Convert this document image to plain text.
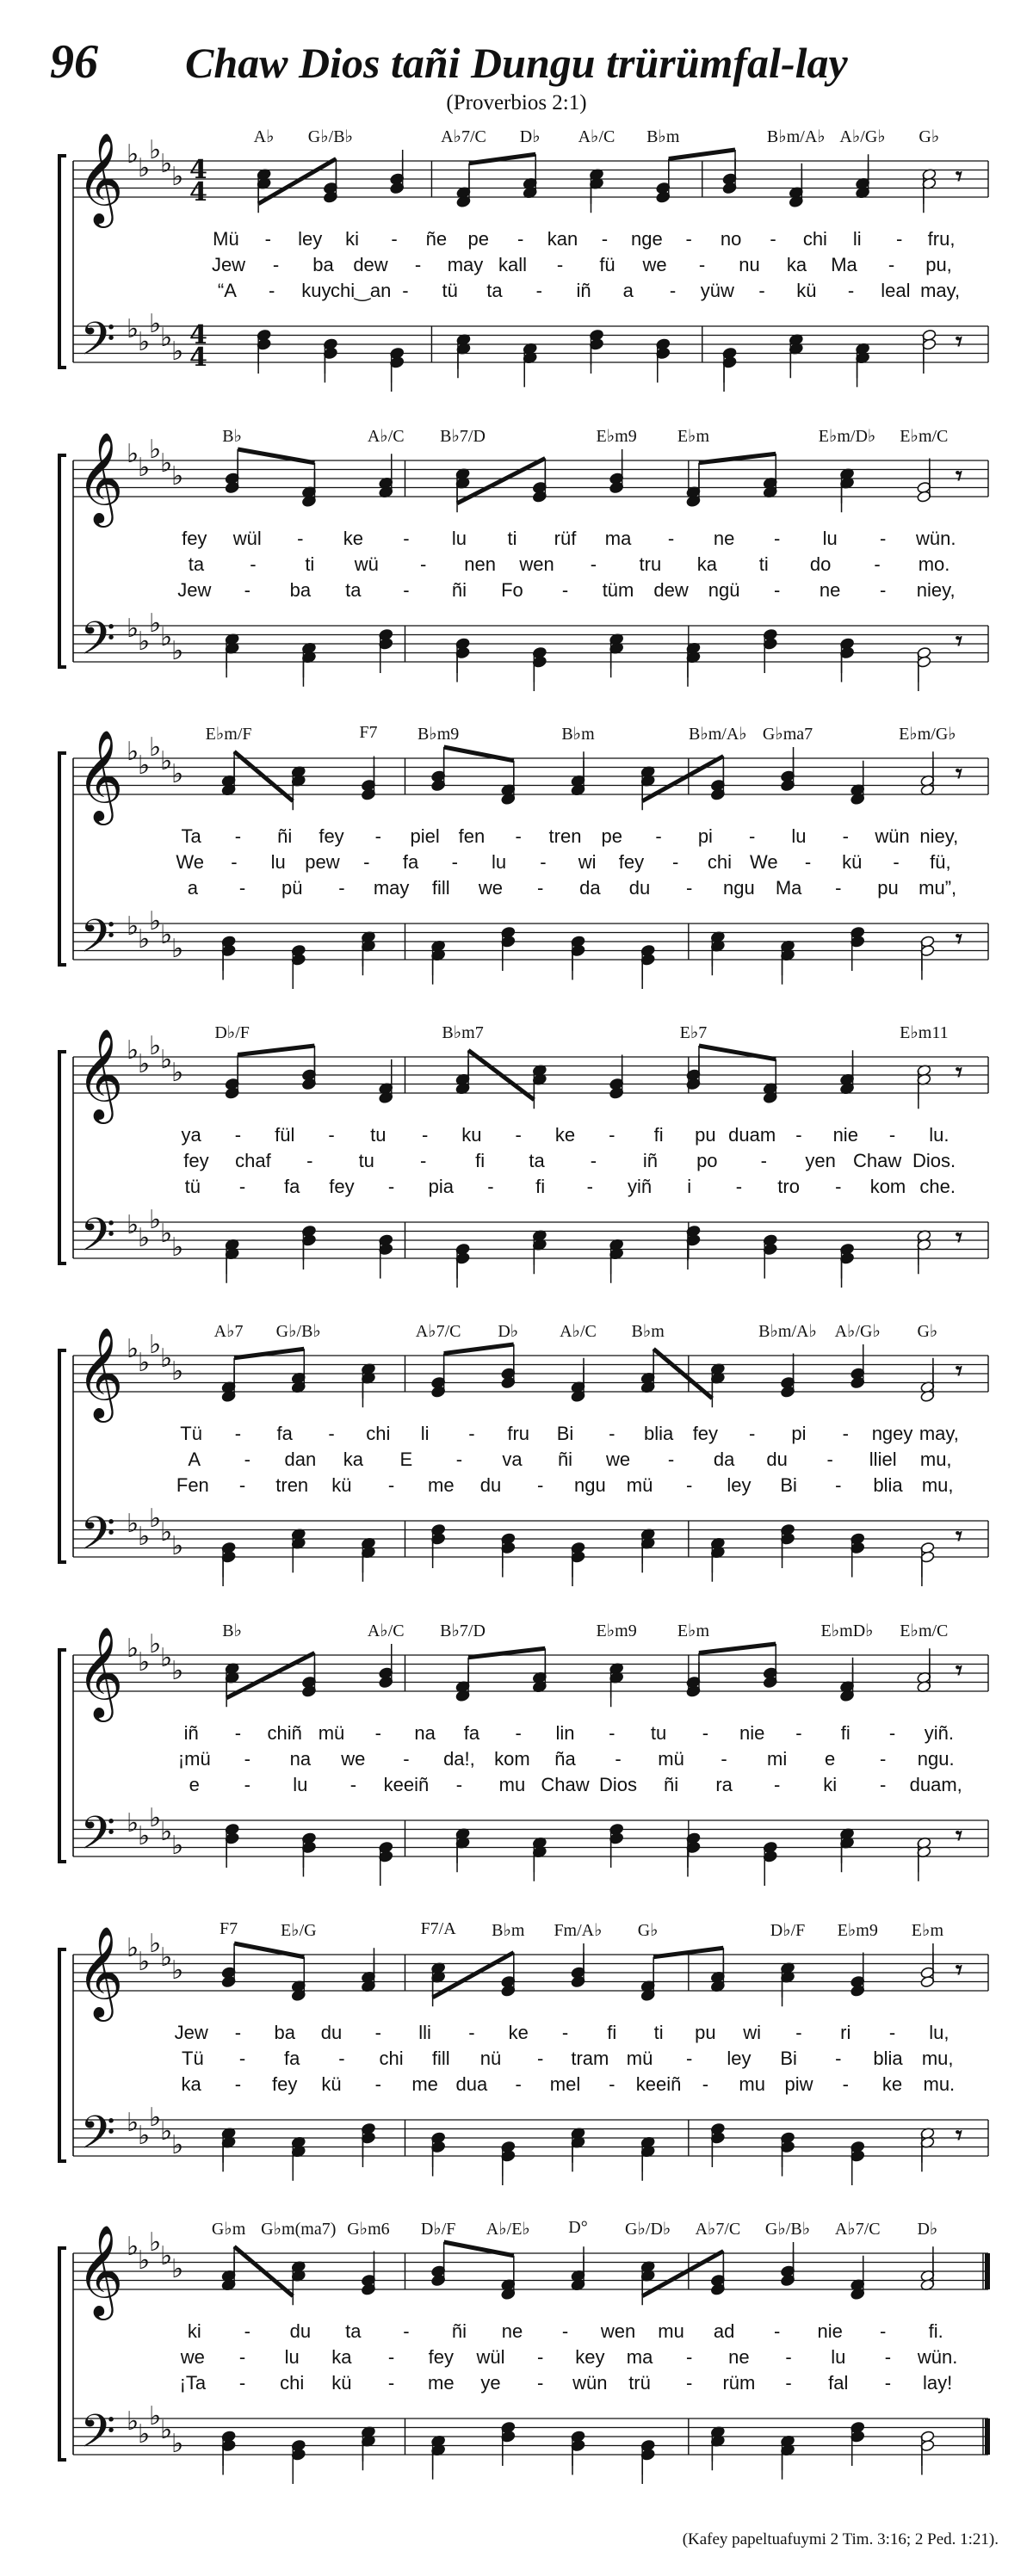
96 Chaw Dios tañi Dungu trürümfal-lay
(Proverbios 2:1)
𝄾
𝄾
𝄞
𝄢
♭
♭
♭
♭
♭
♭
♭
♭
♭
♭
4
4
4
4
A♭ G♭/B♭	A♭7/C D♭ A♭/C B♭m	B♭m/A♭ A♭/G♭ G♭
Mü - ley ki - ñe pe - kan - nge - no - chi li - fru,
Jew - ba dew - may kall - fü we - nu ka Ma - pu,
“A - kuy chi‿an - tü ta - iñ a - yüw - kü - leal may,
𝄾
𝄾
𝄞
𝄢
♭
♭
♭
♭
♭
♭
♭
♭
♭
♭
B♭	A♭/C B♭7/D	E♭m9 E♭m	E♭m/D♭ E♭m/C
fey wül - ke - lu ti rüf ma - ne - lu - wün.
ta -	ti wü - nen wen - tru ka ti do - mo.
Jew - ba ta - ñi Fo - tüm dew ngü - ne - niey,
𝄾
𝄾
𝄞
𝄢
♭
♭
♭
♭
♭
♭
♭
♭
♭
♭
E♭m/F	F7 B♭m9	B♭m	B♭m/A♭ G♭ma7	E♭m/G♭
Ta - ñi fey - piel fen - tren pe - pi - lu - wün niey,
We - lu pew - fa - lu - wi fey - chi We - kü - fü,
a - pü - may fill we - da du - ngu Ma - pu mu”,
𝄾
𝄾
𝄞
𝄢
♭
♭
♭
♭
♭
♭
♭
♭
♭
♭
D♭/F	B♭m7	E♭7	E♭m11
ya - fül - tu - ku - ke - fi pu duam - nie - lu.
fey chaf - tu -	fi ta - iñ po - yen Chaw Dios.
tü - fa fey - pia - fi - yiñ i - tro - kom che.
𝄾
𝄾
𝄞
𝄢
♭
♭
♭
♭
♭
♭
♭
♭
♭
♭
A♭7 G♭/B♭	A♭7/C D♭ A♭/C B♭m	B♭m/A♭ A♭/G♭ G♭
Tü - fa - chi li - fru Bi - blia fey - pi - ngey may,
A - dan ka E - va ñi we - da du - lliel mu,
Fen - tren kü - me du - ngu mü - ley Bi - blia mu,
𝄾
𝄾
𝄞
𝄢
♭
♭
♭
♭
♭
♭
♭
♭
♭
♭
B♭	A♭/C B♭7/D	E♭m9 E♭m	E♭mD♭ E♭m/C
iñ - chiñ mü - na fa - lin - tu - nie - fi - yiñ.
¡mü - na we - da!, kom ña - mü - mi e - ngu.
e - lu - keeiñ - mu Chaw Dios ñi ra - ki - duam,
𝄾
𝄾
𝄞
𝄢
♭
♭
♭
♭
♭
♭
♭
♭
♭
♭
F7 E♭/G	F7/A B♭m Fm/A♭ G♭	D♭/F E♭m9 E♭m
Jew - ba du - lli - ke - fi ti pu wi - ri - lu,
Tü - fa - chi fill nü - tram mü - ley Bi - blia mu,
ka - fey kü - me dua - mel - keeiñ - mu piw - ke mu.
𝄞
𝄢
♭
♭
♭
♭
♭
♭
♭
♭
♭
♭
G♭m G♭m(ma7) G♭m6 D♭/F A♭/E♭ D° G♭/D♭ A♭7/C G♭/B♭ A♭7/C D♭
ki - du ta - ñi ne - wen mu ad - nie - fi.
we - lu ka - fey wül - key ma - ne - lu - wün.
¡Ta - chi kü - me ye - wün trü - rüm - fal - lay!
(Kafey papeltuafuymi 2 Tim. 3:16; 2 Ped. 1:21).
